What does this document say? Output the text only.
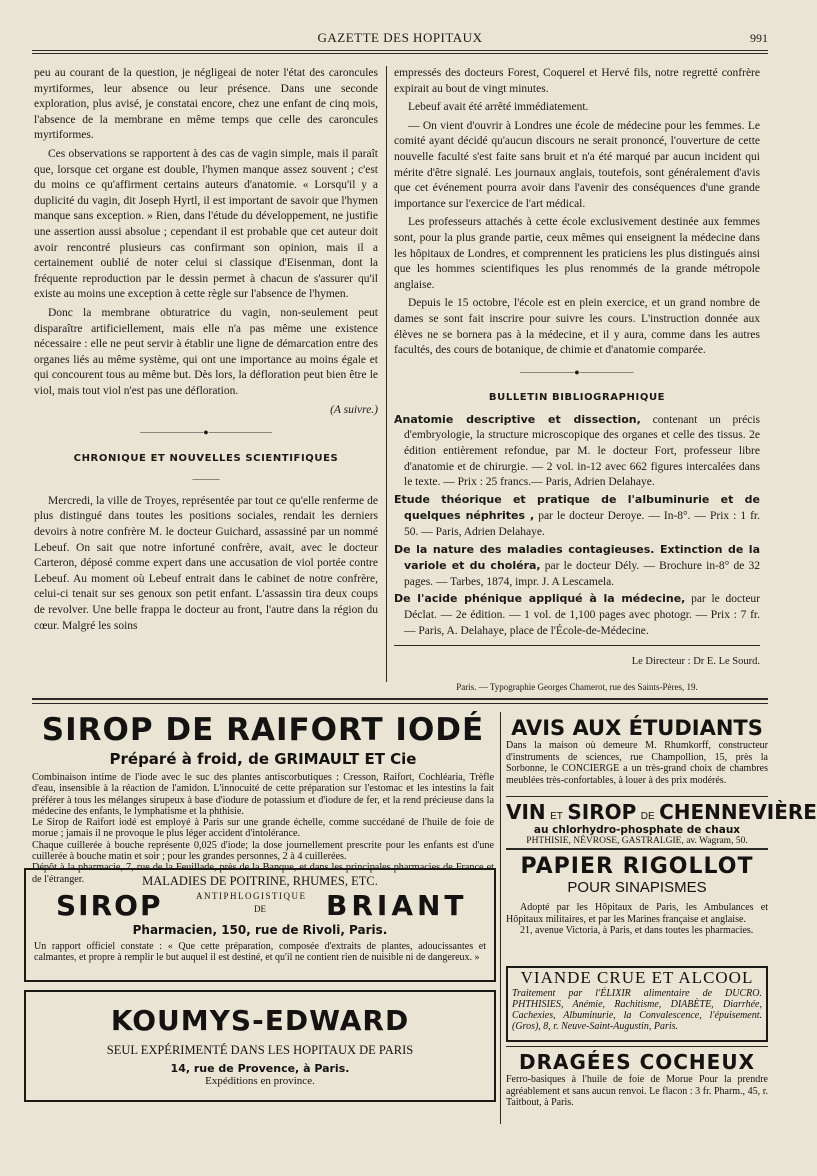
GAZETTE DES HOPITAUX	991

peu au courant de la question, je négligeai de noter l'état des caroncules myrtiformes, leur absence ou leur présence. Dans une seconde exploration, plus avisé, je constatai encore, chez une enfant de cinq mois, l'absence de la membrane en même temps que celle des caroncules myrtiformes.

Ces observations se rapportent à des cas de vagin simple, mais il paraît que, lorsque cet organe est double, l'hymen manque assez souvent ; c'est du moins ce qu'affirment certains auteurs d'anatomie. « Lorsqu'il y a duplicité du vagin, dit Joseph Hyrtl, il est important de savoir que l'hymen manque sans exception. » Rien, dans l'étude du développement, ne justifie une assertion aussi absolue ; cependant il est probable que cet auteur doit avoir rencontré plusieurs cas confirmant son opinion, mais il a certainement oublié de noter celui si classique d'Eisenman, dont la fréquente reproduction par le dessin permet à chacun de s'assurer qu'il existe au moins une exception à cette règle sur l'absence de l'hymen.

Donc la membrane obturatrice du vagin, non-seulement peut disparaître artificiellement, mais elle n'a pas même une existence nécessaire : elle ne peut servir à établir une ligne de démarcation entre des organes liés au même système, qui ont une importance au moins égale et qui concourent tous au même but. Dès lors, la défloration peut bien être le viol, mais tout viol n'est pas une défloration.

(A suivre.)
———————●———————
CHRONIQUE ET NOUVELLES SCIENTIFIQUES
———

Mercredi, la ville de Troyes, représentée par tout ce qu'elle renferme de plus distingué dans toutes les positions sociales, rendait les derniers devoirs à notre confrère M. le docteur Guichard, assassiné par un nommé Lebeuf. On sait que notre infortuné confrère, avait, avec le docteur Carteron, déposé comme expert dans une accusation de viol portée contre Lebeuf. Au moment où Lebeuf entrait dans le cabinet de notre confrère, celui-ci tenait sur ses genoux son petit enfant. L'assassin tira deux coups de revolver. Une belle frappa le docteur au front, l'autre dans la région du cœur. Malgré les soins

empressés des docteurs Forest, Coquerel et Hervé fils, notre regretté confrère expirait au bout de vingt minutes.

Lebeuf avait été arrêté immédiatement.

— On vient d'ouvrir à Londres une école de médecine pour les femmes. Le comité ayant décidé qu'aucun discours ne serait prononcé, l'ouverture de cette nouvelle faculté s'est faite sans bruit et n'a été marqué par aucun incident qui mérite d'être signalé. Les journaux anglais, toutefois, sont généralement d'avis que cet événement pourra avoir dans l'avenir des conséquences d'une grande importance sur l'exercice de l'art médical.

Les professeurs attachés à cette école exclusivement destinée aux femmes sont, pour la plus grande partie, ceux mêmes qui enseignent la médecine dans les hôpitaux de Londres, et comprennent les praticiens les plus distingués ainsi que les hommes scientifiques les plus renommés de la grande métropole anglaise.

Depuis le 15 octobre, l'école est en plein exercice, et un grand nombre de dames se sont fait inscrire pour suivre les cours. L'instruction donnée aux élèves ne se bornera pas à la médecine, et il y aura, comme dans les autres facultés, des cours de botanique, de chimie et d'anatomie comparée.

——————●——————
BULLETIN BIBLIOGRAPHIQUE

Anatomie descriptive et dissection, contenant un précis d'embryologie, la structure microscopique des organes et celle des tissus. 2e édition entièrement refondue, par M. le docteur Fort, professeur libre d'anatomie et de chirurgie. — 2 vol. in-12 avec 662 figures intercalées dans le texte. — Prix : 25 francs.— Paris, Adrien Delahaye.

Etude théorique et pratique de l'albuminurie et de quelques néphrites , par le docteur Deroye. — In-8°. — Prix : 1 fr. 50. — Paris, Adrien Delahaye.

De la nature des maladies contagieuses. Extinction de la variole et du choléra, par le docteur Dély. — Brochure in-8° de 32 pages. — Tarbes, 1874, impr. J. A Lescamela.

De l'acide phénique appliqué à la médecine, par le docteur Déclat. — 2e édition. — 1 vol. de 1,100 pages avec photogr. — Prix : 7 fr. — Paris, A. Delahaye, place de l'École-de-Médecine.

Le Directeur : Dr E. Le Sourd.
Paris. — Typographie Georges Chamerot, rue des Saints-Pères, 19.
SIROP DE RAIFORT IODÉ
Préparé à froid, de GRIMAULT ET Cie
Combinaison intime de l'iode avec le suc des plantes antiscorbutiques : Cresson, Raifort, Cochléaria, Trèfle d'eau, insensible à la réaction de l'amidon. L'innocuité de cette préparation sur l'estomac et les intestins la fait préférer à tous les mélanges sirupeux à base d'iodure de potassium et d'iodure de fer, et la rend précieuse dans la médecine des enfants, le lymphatisme et la phthisie.
Le Sirop de Raifort iodé est employé à Paris sur une grande échelle, comme succédané de l'huile de foie de morue ; jamais il ne provoque le plus léger accident d'intolérance.
Chaque cuillerée à bouche représente 0,025 d'iode; la dose journellement prescrite pour les enfants est d'une cuillerée à bouche matin et soir ; pour les grandes personnes, 2 à 4 cuillerées.
Dépôt à la pharmacie, 7, rue de la Feuillade, près de la Banque, et dans les principales pharmacies de France et de l'étranger.	MALADIES DE POITRINE, RHUMES, ETC.
SIROP	ANTIPHLOGISTIQUE
DE BRIANT
Pharmacien, 150, rue de Rivoli, Paris.
Un rapport officiel constate : « Que cette préparation, composée d'extraits de plantes, adoucissantes et calmantes, et propre à remplir le but auquel il est destiné, et qu'il ne contient rien de nuisible ni de dangereux. »
KOUMYS-EDWARD
SEUL EXPÉRIMENTÉ DANS LES HOPITAUX DE PARIS
14, rue de Provence, à Paris.
Expéditions en province.
AVIS AUX ÉTUDIANTS
Dans la maison où demeure M. Rhumkorff, constructeur d'instruments de sciences, rue Champollion, 15, près la Sorbonne, le CONCIERGE a un très-grand choix de chambres meublées très-confortables, à louer à des prix modérés.
VIN ET SIROP DE CHENNEVIÈRE
au chlorhydro-phosphate de chaux
PHTHISIE, NÉVROSE, GASTRALGIE, av. Wagram, 50.
PAPIER RIGOLLOT
POUR SINAPISMES
Adopté par les Hôpitaux de Paris, les Ambulances et Hôpitaux militaires, et par les Marines française et anglaise.
21, avenue Victoria, à Paris, et dans toutes les pharmacies.
VIANDE CRUE ET ALCOOL
Traitement par l'ÉLIXIR alimentaire de DUCRO. PHTHISIES, Anémie, Rachitisme, DIABÈTE, Diarrhée, Cachexies, Albuminurie, la Convalescence, l'épuisement. (Gros), 8, r. Neuve-Saint-Augustin, Paris.
DRAGÉES COCHEUX
Ferro-basiques à l'huile de foie de Morue Pour la prendre agréablement et sans aucun renvoi. Le flacon : 3 fr. Pharm., 45, r. Taitbout, à Paris.
